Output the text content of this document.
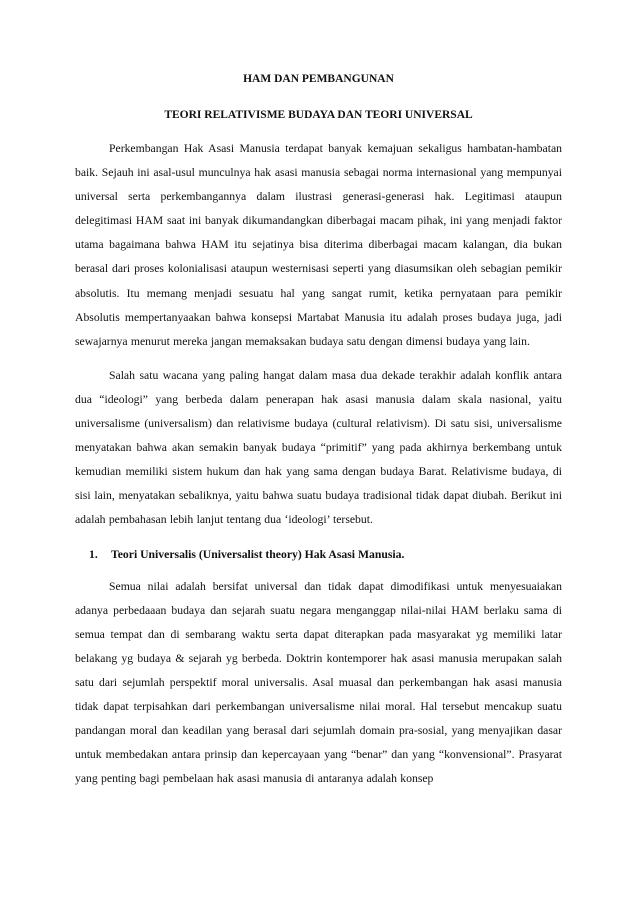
HAM DAN PEMBANGUNAN
TEORI RELATIVISME BUDAYA DAN TEORI UNIVERSAL

Perkembangan Hak Asasi Manusia terdapat banyak kemajuan sekaligus hambatan-hambatan baik. Sejauh ini asal-usul munculnya hak asasi manusia sebagai norma internasional yang mempunyai universal serta perkembangannya dalam ilustrasi generasi-generasi hak. Legitimasi ataupun delegitimasi HAM saat ini banyak dikumandangkan diberbagai macam pihak, ini yang menjadi faktor utama bagaimana bahwa HAM itu sejatinya bisa diterima diberbagai macam kalangan, dia bukan berasal dari proses kolonialisasi ataupun westernisasi seperti yang diasumsikan oleh sebagian pemikir absolutis. Itu memang menjadi sesuatu hal yang sangat rumit, ketika pernyataan para pemikir Absolutis mempertanyaakan bahwa konsepsi Martabat Manusia itu adalah proses budaya juga, jadi sewajarnya menurut mereka jangan memaksakan budaya satu dengan dimensi budaya yang lain.

Salah satu wacana yang paling hangat dalam masa dua dekade terakhir adalah konflik antara dua “ideologi” yang berbeda dalam penerapan hak asasi manusia dalam skala nasional, yaitu universalisme (universalism) dan relativisme budaya (cultural relativism). Di satu sisi, universalisme menyatakan bahwa akan semakin banyak budaya “primitif” yang pada akhirnya berkembang untuk kemudian memiliki sistem hukum dan hak yang sama dengan budaya Barat. Relativisme budaya, di sisi lain, menyatakan sebaliknya, yaitu bahwa suatu budaya tradisional tidak dapat diubah. Berikut ini adalah pembahasan lebih lanjut tentang dua ‘ideologi’ tersebut.

1.	Teori Universalis (Universalist theory) Hak Asasi Manusia.

Semua nilai adalah bersifat universal dan tidak dapat dimodifikasi untuk menyesuaiakan adanya perbedaaan budaya dan sejarah suatu negara menganggap nilai-nilai HAM berlaku sama di semua tempat dan di sembarang waktu serta dapat diterapkan pada masyarakat yg memiliki latar belakang yg budaya & sejarah yg berbeda. Doktrin kontemporer hak asasi manusia merupakan salah satu dari sejumlah perspektif moral universalis. Asal muasal dan perkembangan hak asasi manusia tidak dapat terpisahkan dari perkembangan universalisme nilai moral. Hal tersebut mencakup suatu pandangan moral dan keadilan yang berasal dari sejumlah domain pra-sosial, yang menyajikan dasar untuk membedakan antara prinsip dan kepercayaan yang “benar” dan yang “konvensional”. Prasyarat yang penting bagi pembelaan hak asasi manusia di antaranya adalah konsep
